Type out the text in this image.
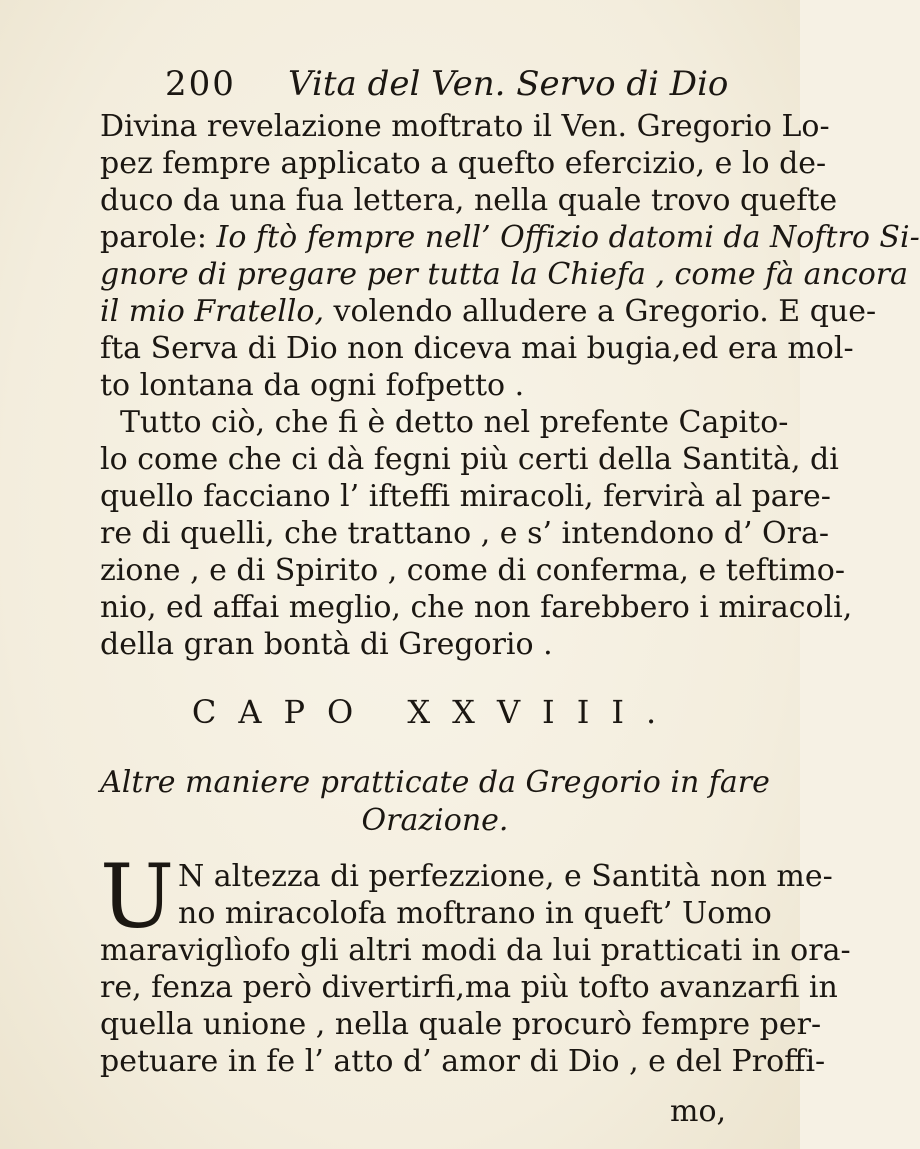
200 Vita del Ven. Servo di Dio
Divina revelazione moftrato il Ven. Gregorio Lo-
pez fempre applicato a quefto efercizio, e lo de-
duco da una fua lettera, nella quale trovo quefte
parole: Io ftò fempre nell’ Offizio datomi da Noftro Si-
gnore di pregare per tutta la Chiefa , come fà ancora
il mio Fratello, volendo alludere a Gregorio. E que-
fta Serva di Dio non diceva mai bugia,ed era mol-
to lontana da ogni fofpetto .
Tutto ciò, che fi è detto nel prefente Capito-
lo come che ci dà fegni più certi della Santità, di
quello facciano l’ ifteffi miracoli, fervirà al pare-
re di quelli, che trattano , e s’ intendono d’ Ora-
zione , e di Spirito , come di conferma, e teftimo-
nio, ed affai meglio, che non farebbero i miracoli,
della gran bontà di Gregorio .
CAPO XXVIII.
Altre maniere pratticate da Gregorio in fare
Orazione.
U N altezza di perfezzione, e Santità non me-
no miracolofa moftrano in queft’ Uomo
maraviglìofo gli altri modi da lui pratticati in ora-
re, fenza però divertirfi,ma più tofto avanzarfi in
quella unione , nella quale procurò fempre per-
petuare in fe l’ atto d’ amor di Dio , e del Proffi-
mo,
